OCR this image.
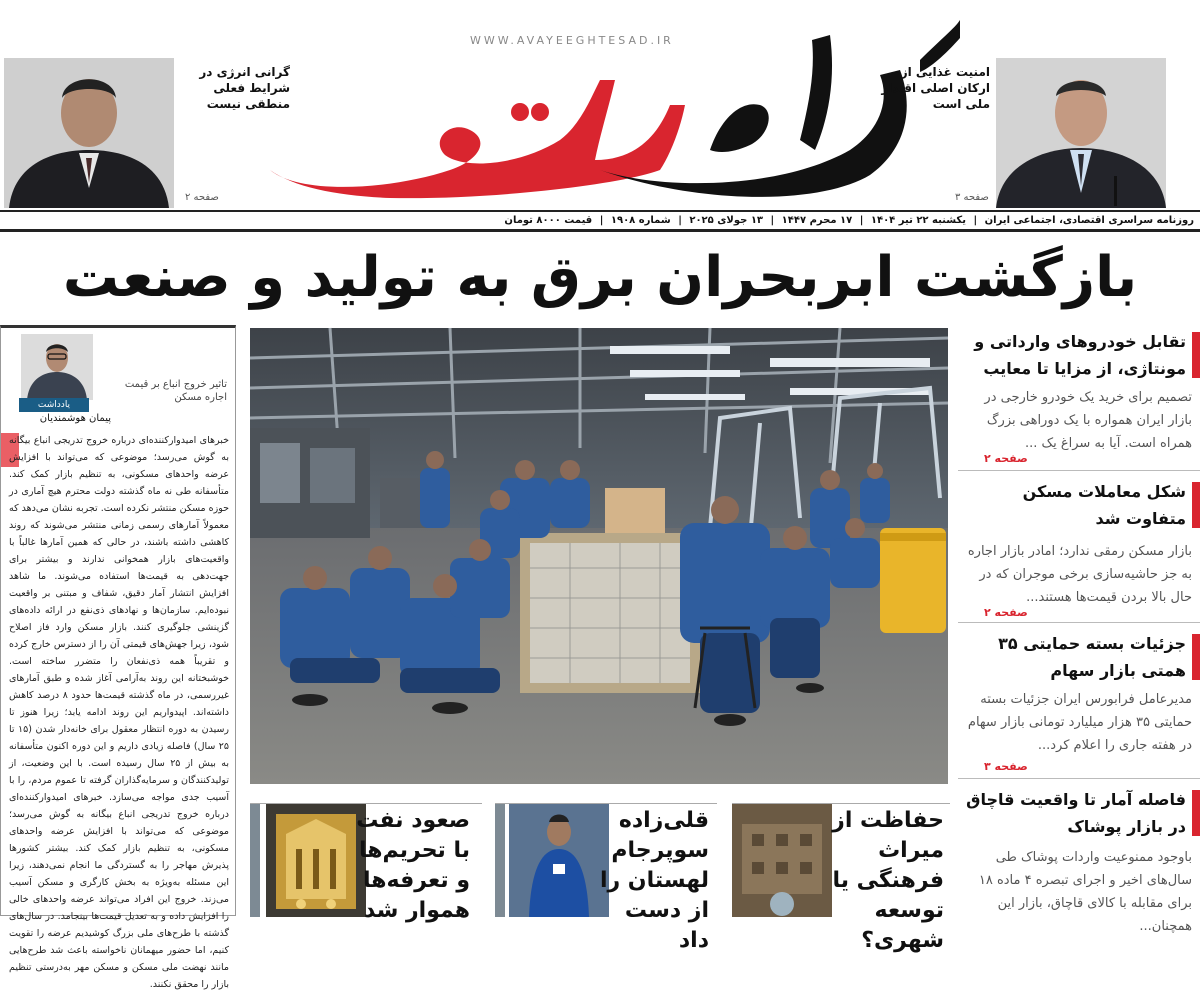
WWW.AVAYEEGHTESAD.IR
گرانی انرژی در شرایط فعلی منطقی نیست
صفحه ۲
امنیت غذایی از ارکان اصلی اقتدار ملی است
صفحه ۳
روزنامه سراسری اقتصادی، اجتماعی ایران | یکشنبه ۲۲ تیر ۱۴۰۴ | ۱۷ محرم ۱۴۴۷ | ۱۳ جولای ۲۰۲۵ | شماره ۱۹۰۸ | قیمت ۸۰۰۰ تومان
بازگشت ابربحران برق به تولید و صنعت
تاثیر خروج انباع بر قیمت اجاره مسکن
یادداشت
پیمان هوشمندیان
خبرهای امیدوارکننده‌ای درباره خروج تدریجی انباع بیگانه به گوش می‌رسد؛ موضوعی که می‌تواند با افزایش عرضه واحدهای مسکونی، به تنظیم بازار کمک کند. متأسفانه طی نه ماه گذشته دولت محترم هیچ آماری در حوزه مسکن منتشر نکرده است. تجربه نشان می‌دهد که معمولاً آمارهای رسمی زمانی منتشر می‌شوند که روند کاهشی داشته باشند، در حالی که همین آمارها غالباً با واقعیت‌های بازار همخوانی ندارند و بیشتر برای جهت‌دهی به قیمت‌ها استفاده می‌شوند. ما شاهد افزایش انتشار آمار دقیق، شفاف و مبتنی بر واقعیت نبوده‌ایم. سازمان‌ها و نهادهای ذی‌نفع در ارائه داده‌های گزینشی جلوگیری کنند. بازار مسکن وارد فاز اصلاح شود، زیرا جهش‌های قیمتی آن را از دسترس خارج کرده و تقریباً همه ذی‌نفعان را متضرر ساخته است. خوشبختانه این روند به‌آرامی آغاز شده و طبق آمارهای غیررسمی، در ماه گذشته قیمت‌ها حدود ۸ درصد کاهش داشته‌اند. اپیدواریم این روند ادامه یابد؛ زیرا هنوز تا رسیدن به دوره انتظار معقول برای خانه‌دار شدن (۱۵ تا ۲۵ سال) فاصله زیادی داریم و این دوره اکنون متأسفانه به بیش از ۲۵ سال رسیده است. با این وضعیت، از تولیدکنندگان و سرمایه‌گذاران گرفته تا عموم مردم، را با آسیب جدی مواجه می‌سازد. خبرهای امیدوارکننده‌ای درباره خروج تدریجی انباع بیگانه به گوش می‌رسد؛ موضوعی که می‌تواند با افزایش عرضه واحدهای مسکونی، به تنظیم بازار کمک کند. بیشتر کشورها پذیرش مهاجر را به گستردگی ما انجام نمی‌دهند، زیرا این مسئله به‌ویژه به بخش کارگری و مسکن آسیب می‌زند. خروج این افراد می‌تواند عرضه واحدهای خالی را افزایش داده و به تعدیل قیمت‌ها بینجامد. در سال‌های گذشته با طرح‌های ملی بزرگ کوشیدیم عرضه را تقویت کنیم، اما حضور میهمانان ناخواسته باعث شد طرح‌هایی مانند نهضت ملی مسکن و مسکن مهر به‌درستی تنظیم بازار را محقق نکنند.
حفاظت از میراث فرهنگی یا توسعه شهری؟
قلی‌زاده سوپرجام لهستان را از دست داد
صعود نفت با تحریم‌ها و تعرفه‌ها هموار شد
تقابل خودروهای وارداتی و مونتاژی، از مزایا تا معایب
تصمیم برای خرید یک خودرو خارجی در بازار ایران همواره با یک دوراهی بزرگ همراه است. آیا به سراغ یک ...
صفحه ۲
شکل معاملات مسکن متفاوت شد
بازار مسکن رمقی ندارد؛ امادر بازار اجاره به جز حاشیه‌سازی برخی موجران که در حال بالا بردن قیمت‌ها هستند...
صفحه ۲
جزئیات بسته حمایتی ۳۵ همتی بازار سهام
مدیرعامل فرابورس ایران جزئیات بسته حمایتی ۳۵ هزار میلیارد تومانی بازار سهام در هفته جاری را اعلام کرد...
صفحه ۳
فاصله آمار تا واقعیت قاچاق در بازار پوشاک
باوجود ممنوعیت واردات پوشاک طی سال‌های اخیر و اجرای تبصره ۴ ماده ۱۸ برای مقابله با کالای قاچاق، بازار این همچنان...
